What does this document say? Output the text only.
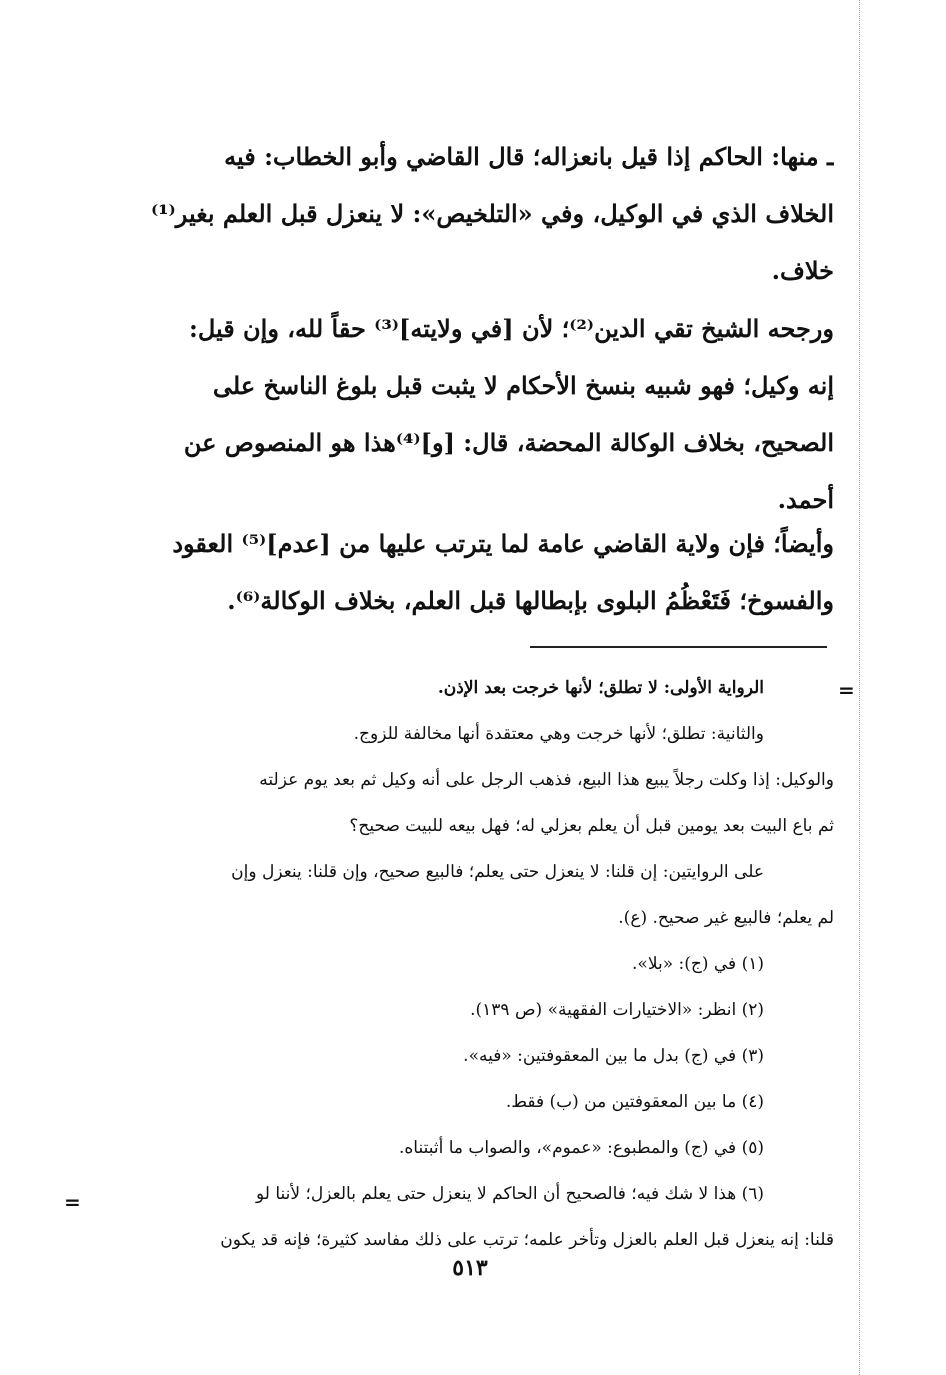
ـ منها: الحاكم إذا قيل بانعزاله؛ قال القاضي وأبو الخطاب: فيه
الخلاف الذي في الوكيل، وفي «التلخيص»: لا ينعزل قبل العلم بغير⁽¹⁾
خلاف.
ورجحه الشيخ تقي الدين⁽²⁾؛ لأن [في ولايته]⁽³⁾ حقاً لله، وإن قيل:
إنه وكيل؛ فهو شبيه بنسخ الأحكام لا يثبت قبل بلوغ الناسخ على
الصحيح، بخلاف الوكالة المحضة، قال: [و]⁽⁴⁾هذا هو المنصوص عن
أحمد.
وأيضاً؛ فإن ولاية القاضي عامة لما يترتب عليها من [عدم]⁽⁵⁾ العقود
والفسوخ؛ فَتَعْظُمُ البلوى بإبطالها قبل العلم، بخلاف الوكالة⁽⁶⁾.
=
الرواية الأولى: لا تطلق؛ لأنها خرجت بعد الإذن.
والثانية: تطلق؛ لأنها خرجت وهي معتقدة أنها مخالفة للزوج.
والوكيل: إذا وكلت رجلاً يبيع هذا البيع، فذهب الرجل على أنه وكيل ثم بعد يوم عزلته
ثم باع البيت بعد يومين قبل أن يعلم بعزلي له؛ فهل بيعه للبيت صحيح؟
على الروايتين: إن قلنا: لا ينعزل حتى يعلم؛ فالبيع صحيح، وإن قلنا: ينعزل وإن
لم يعلم؛ فالبيع غير صحيح. (ع).
(١) في (ج): «بلا».
(٢) انظر: «الاختيارات الفقهية» (ص ١٣٩).
(٣) في (ج) بدل ما بين المعقوفتين: «فيه».
(٤) ما بين المعقوفتين من (ب) فقط.
(٥) في (ج) والمطبوع: «عموم»، والصواب ما أثبتناه.
(٦) هذا لا شك فيه؛ فالصحيح أن الحاكم لا ينعزل حتى يعلم بالعزل؛ لأننا لو
قلنا: إنه ينعزل قبل العلم بالعزل وتأخر علمه؛ ترتب على ذلك مفاسد كثيرة؛ فإنه قد يكون
=
٥١٣
